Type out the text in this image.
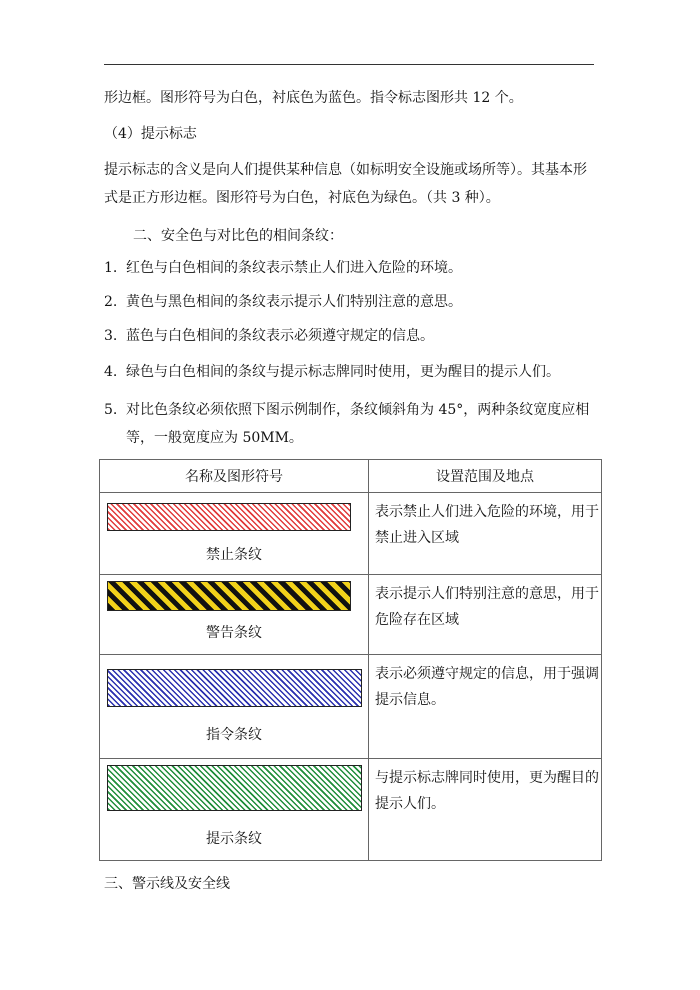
形边框。图形符号为白色，衬底色为蓝色。指令标志图形共 12 个。
（4）提示标志
提示标志的含义是向人们提供某种信息（如标明安全设施或场所等）。其基本形
式是正方形边框。图形符号为白色，衬底色为绿色。（共 3 种）。
二、安全色与对比色的相间条纹：
1. 红色与白色相间的条纹表示禁止人们进入危险的环境。
2. 黄色与黑色相间的条纹表示提示人们特别注意的意思。
3. 蓝色与白色相间的条纹表示必须遵守规定的信息。
4. 绿色与白色相间的条纹与提示标志牌同时使用，更为醒目的提示人们。
5. 对比色条纹必须依照下图示例制作，条纹倾斜角为 45°，两种条纹宽度应相
等，一般宽度应为 50MM。
名称及图形符号	设置范围及地点

禁止条纹	表示禁止人们进入危险的环境，用于
禁止进入区域

警告条纹	表示提示人们特别注意的意思，用于
危险存在区域

指令条纹	表示必须遵守规定的信息，用于强调
提示信息。

提示条纹	与提示标志牌同时使用，更为醒目的
提示人们。
三、警示线及安全线
